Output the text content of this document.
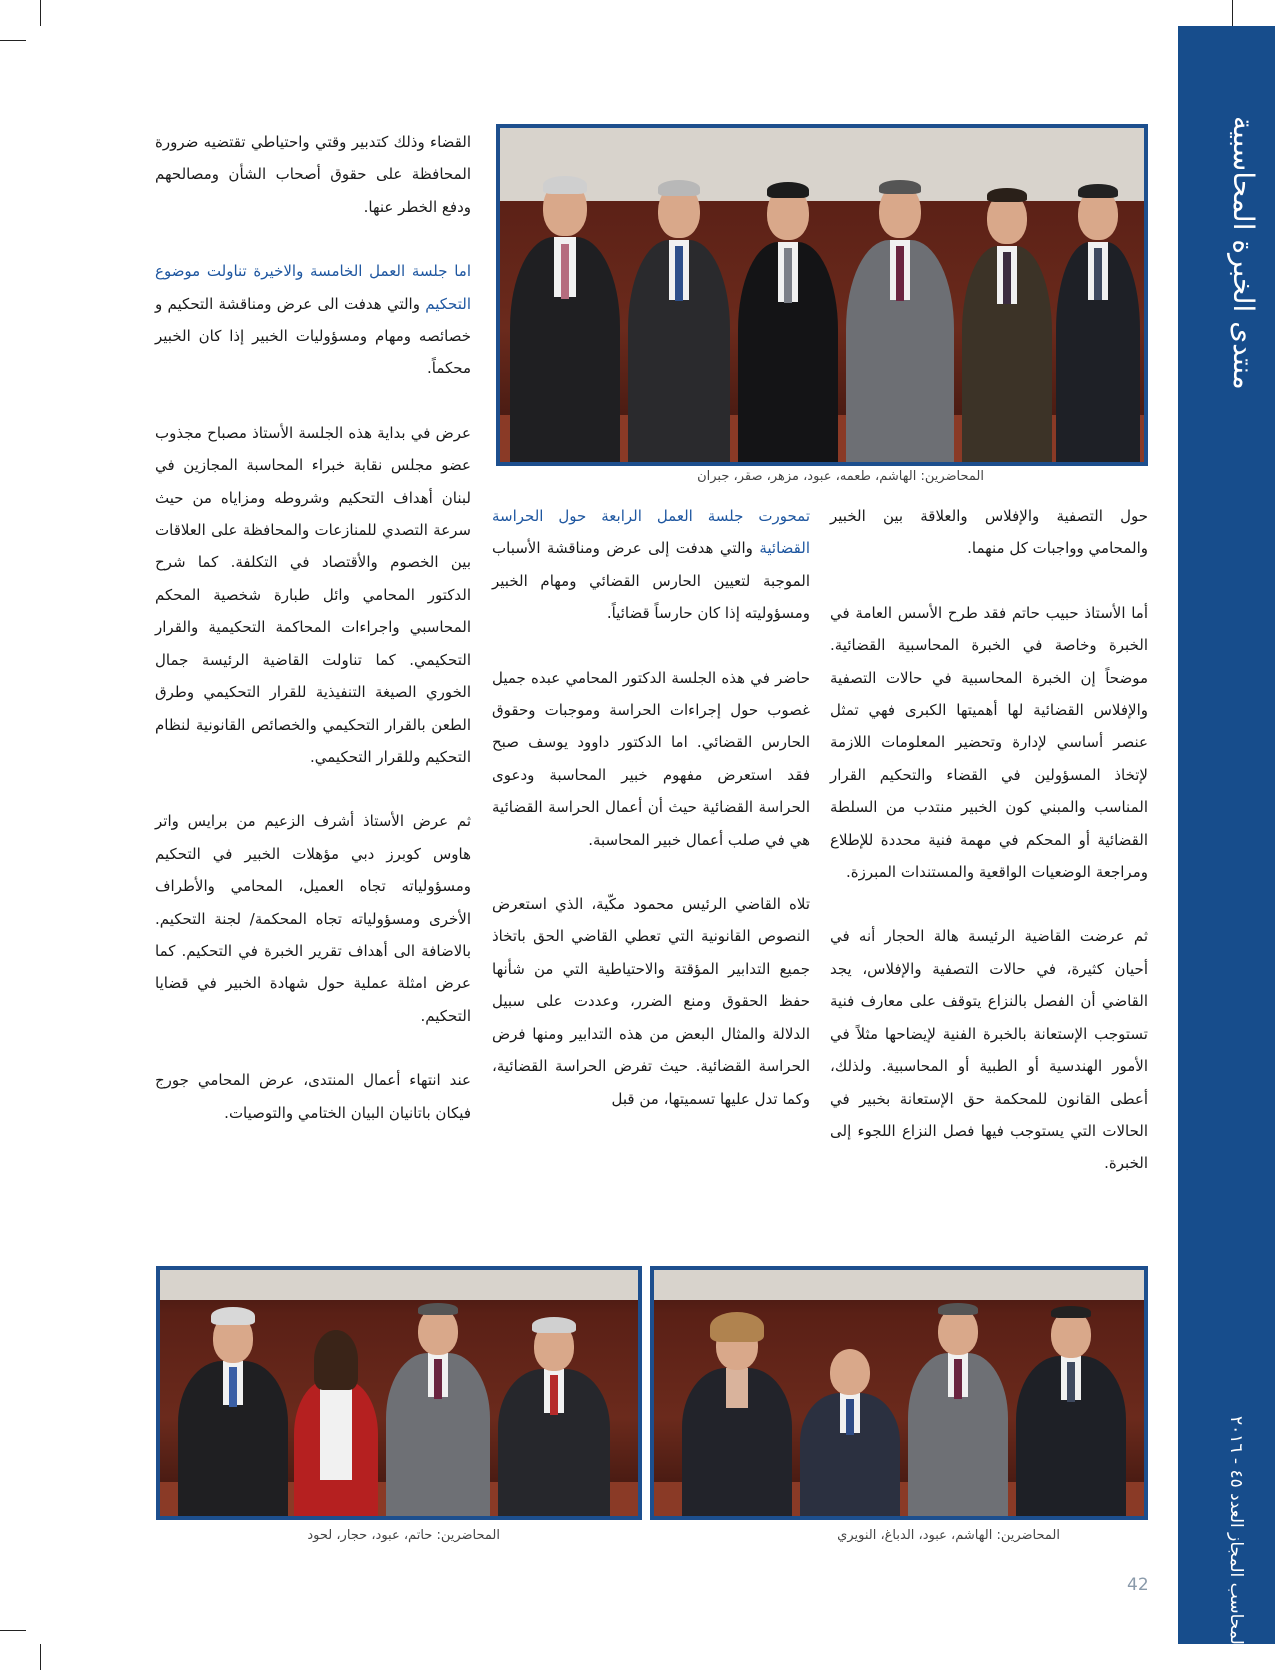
منتدى الخبرة المحاسبية
المحاسب المجاز العدد ٤٥ - ٢٠١٦
المحاضرين: الهاشم، طعمه، عبود، مزهر، صقر، جبران

حول التصفية والإفلاس والعلاقة بين الخبير والمحامي وواجبات كل منهما.

أما الأستاذ حبيب حاتم فقد طرح الأسس العامة في الخبرة وخاصة في الخبرة المحاسبية القضائية. موضحاً إن الخبرة المحاسبية في حالات التصفية والإفلاس القضائية لها أهميتها الكبرى فهي تمثل عنصر أساسي لإدارة وتحضير المعلومات اللازمة لإتخاذ المسؤولين في القضاء والتحكيم القرار المناسب والمبني كون الخبير منتدب من السلطة القضائية أو المحكم في مهمة فنية محددة للإطلاع ومراجعة الوضعيات الواقعية والمستندات المبرزة.

ثم عرضت القاضية الرئيسة هالة الحجار أنه في أحيان كثيرة، في حالات التصفية والإفلاس، يجد القاضي أن الفصل بالنزاع يتوقف على معارف فنية تستوجب الإستعانة بالخبرة الفنية لإيضاحها مثلاً في الأمور الهندسية أو الطبية أو المحاسبية. ولذلك، أعطى القانون للمحكمة حق الإستعانة بخبير في الحالات التي يستوجب فيها فصل النزاع اللجوء إلى الخبرة.

تمحورت جلسة العمل الرابعة حول الحراسة القضائية والتي هدفت إلى عرض ومناقشة الأسباب الموجبة لتعيين الحارس القضائي ومهام الخبير ومسؤوليته إذا كان حارساً قضائياً.

حاضر في هذه الجلسة الدكتور المحامي عبده جميل غصوب حول إجراءات الحراسة وموجبات وحقوق الحارس القضائي. اما الدكتور داوود يوسف صبح فقد استعرض مفهوم خبير المحاسبة ودعوى الحراسة القضائية حيث أن أعمال الحراسة القضائية هي في صلب أعمال خبير المحاسبة.

تلاه القاضي الرئيس محمود مكّية، الذي استعرض النصوص القانونية التي تعطي القاضي الحق باتخاذ جميع التدابير المؤقتة والاحتياطية التي من شأنها حفظ الحقوق ومنع الضرر، وعددت على سبيل الدلالة والمثال البعض من هذه التدابير ومنها فرض الحراسة القضائية. حيث تفرض الحراسة القضائية، وكما تدل عليها تسميتها، من قبل

القضاء وذلك كتدبير وقتي واحتياطي تقتضيه ضرورة المحافظة على حقوق أصحاب الشأن ومصالحهم ودفع الخطر عنها.

اما جلسة العمل الخامسة والاخيرة تناولت موضوع التحكيم والتي هدفت الى عرض ومناقشة التحكيم و خصائصه ومهام ومسؤوليات الخبير إذا كان الخبير محكماً.

عرض في بداية هذه الجلسة الأستاذ مصباح مجذوب عضو مجلس نقابة خبراء المحاسبة المجازين في لبنان أهداف التحكيم وشروطه ومزاياه من حيث سرعة التصدي للمنازعات والمحافظة على العلاقات بين الخصوم والأقتصاد في التكلفة. كما شرح الدكتور المحامي وائل طبارة شخصية المحكم المحاسبي واجراءات المحاكمة التحكيمية والقرار التحكيمي. كما تناولت القاضية الرئيسة جمال الخوري الصيغة التنفيذية للقرار التحكيمي وطرق الطعن بالقرار التحكيمي والخصائص القانونية لنظام التحكيم وللقرار التحكيمي.

ثم عرض الأستاذ أشرف الزعيم من برايس واتر هاوس كوبرز دبي مؤهلات الخبير في التحكيم ومسؤولياته تجاه العميل، المحامي والأطراف الأخرى ومسؤولياته تجاه المحكمة/ لجنة التحكيم. بالاضافة الى أهداف تقرير الخبرة في التحكيم. كما عرض امثلة عملية حول شهادة الخبير في قضايا التحكيم.

عند انتهاء أعمال المنتدى، عرض المحامي جورج فيكان باتانيان البيان الختامي والتوصيات.

المحاضرين: الهاشم، عبود، الدباغ، النويري
المحاضرين: حاتم، عبود، حجار، لحود
42
